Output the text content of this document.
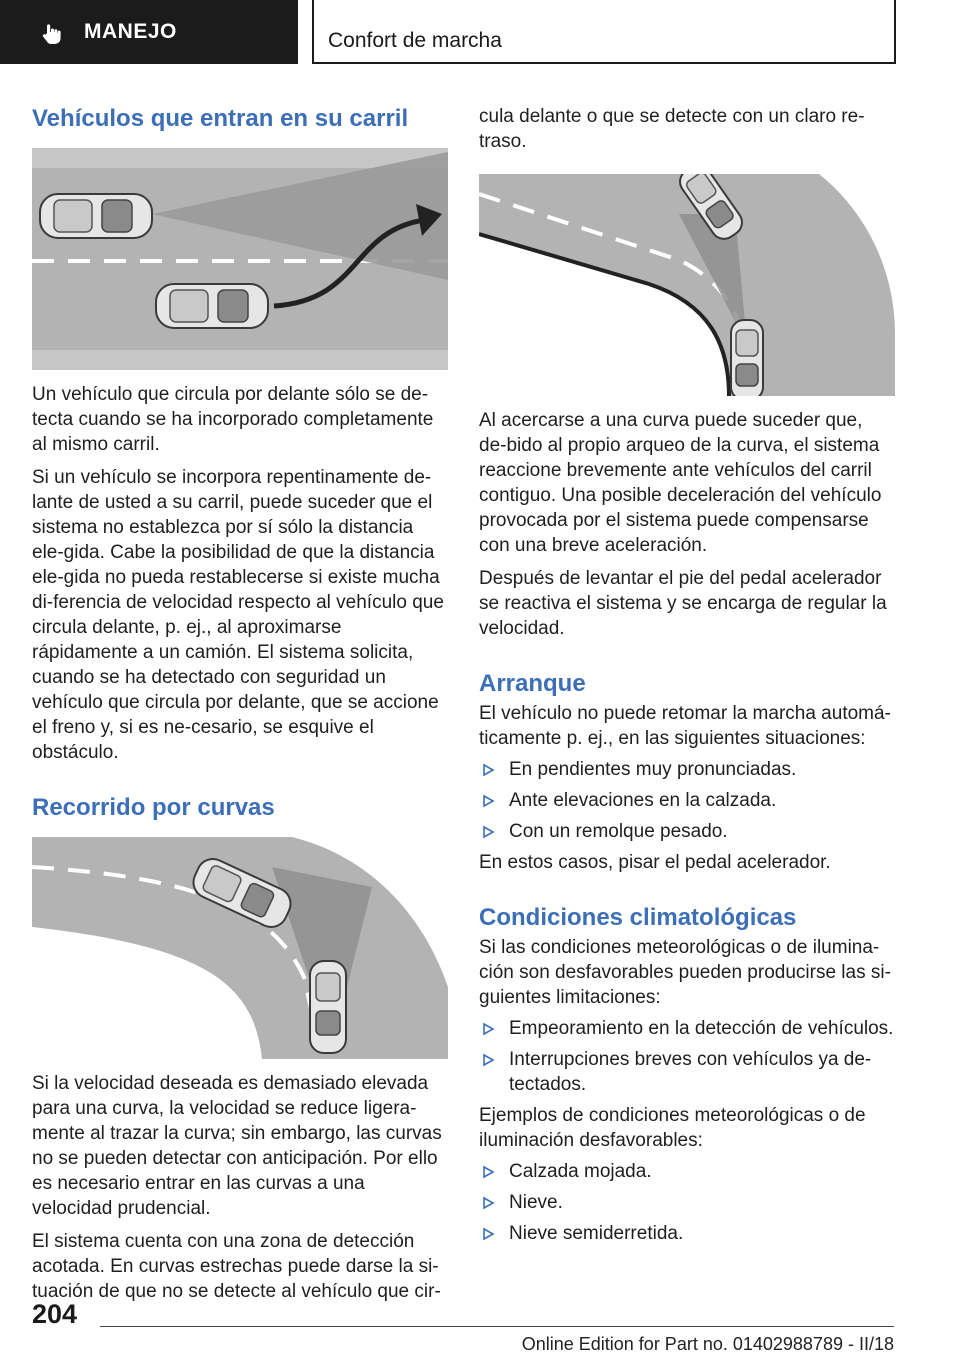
MANEJO	Confort de marcha
Vehículos que entran en su carril

Un vehículo que circula por delante sólo se de-tecta cuando se ha incorporado completamente al mismo carril.

Si un vehículo se incorpora repentinamente de-lante de usted a su carril, puede suceder que el sistema no establezca por sí sólo la distancia ele-gida. Cabe la posibilidad de que la distancia ele-gida no pueda restablecerse si existe mucha di-ferencia de velocidad respecto al vehículo que circula delante, p. ej., al aproximarse rápidamente a un camión. El sistema solicita, cuando se ha detectado con seguridad un vehículo que circula por delante, que se accione el freno y, si es ne-cesario, se esquive el obstáculo.

Recorrido por curvas

Si la velocidad deseada es demasiado elevada para una curva, la velocidad se reduce ligera-mente al trazar la curva; sin embargo, las curvas no se pueden detectar con anticipación. Por ello es necesario entrar en las curvas a una velocidad prudencial.

El sistema cuenta con una zona de detección acotada. En curvas estrechas puede darse la si-tuación de que no se detecte al vehículo que cir-

cula delante o que se detecte con un claro re-traso.

Al acercarse a una curva puede suceder que, de-bido al propio arqueo de la curva, el sistema reaccione brevemente ante vehículos del carril contiguo. Una posible deceleración del vehículo provocada por el sistema puede compensarse con una breve aceleración.

Después de levantar el pie del pedal acelerador se reactiva el sistema y se encarga de regular la velocidad.

Arranque

El vehículo no puede retomar la marcha automá-ticamente p. ej., en las siguientes situaciones:

En pendientes muy pronunciadas.
Ante elevaciones en la calzada.
Con un remolque pesado.

En estos casos, pisar el pedal acelerador.

Condiciones climatológicas

Si las condiciones meteorológicas o de ilumina-ción son desfavorables pueden producirse las si-guientes limitaciones:

Empeoramiento en la detección de vehículos.
Interrupciones breves con vehículos ya de-tectados.

Ejemplos de condiciones meteorológicas o de iluminación desfavorables:

Calzada mojada.
Nieve.
Nieve semiderretida.
204
Online Edition for Part no. 01402988789 - II/18
